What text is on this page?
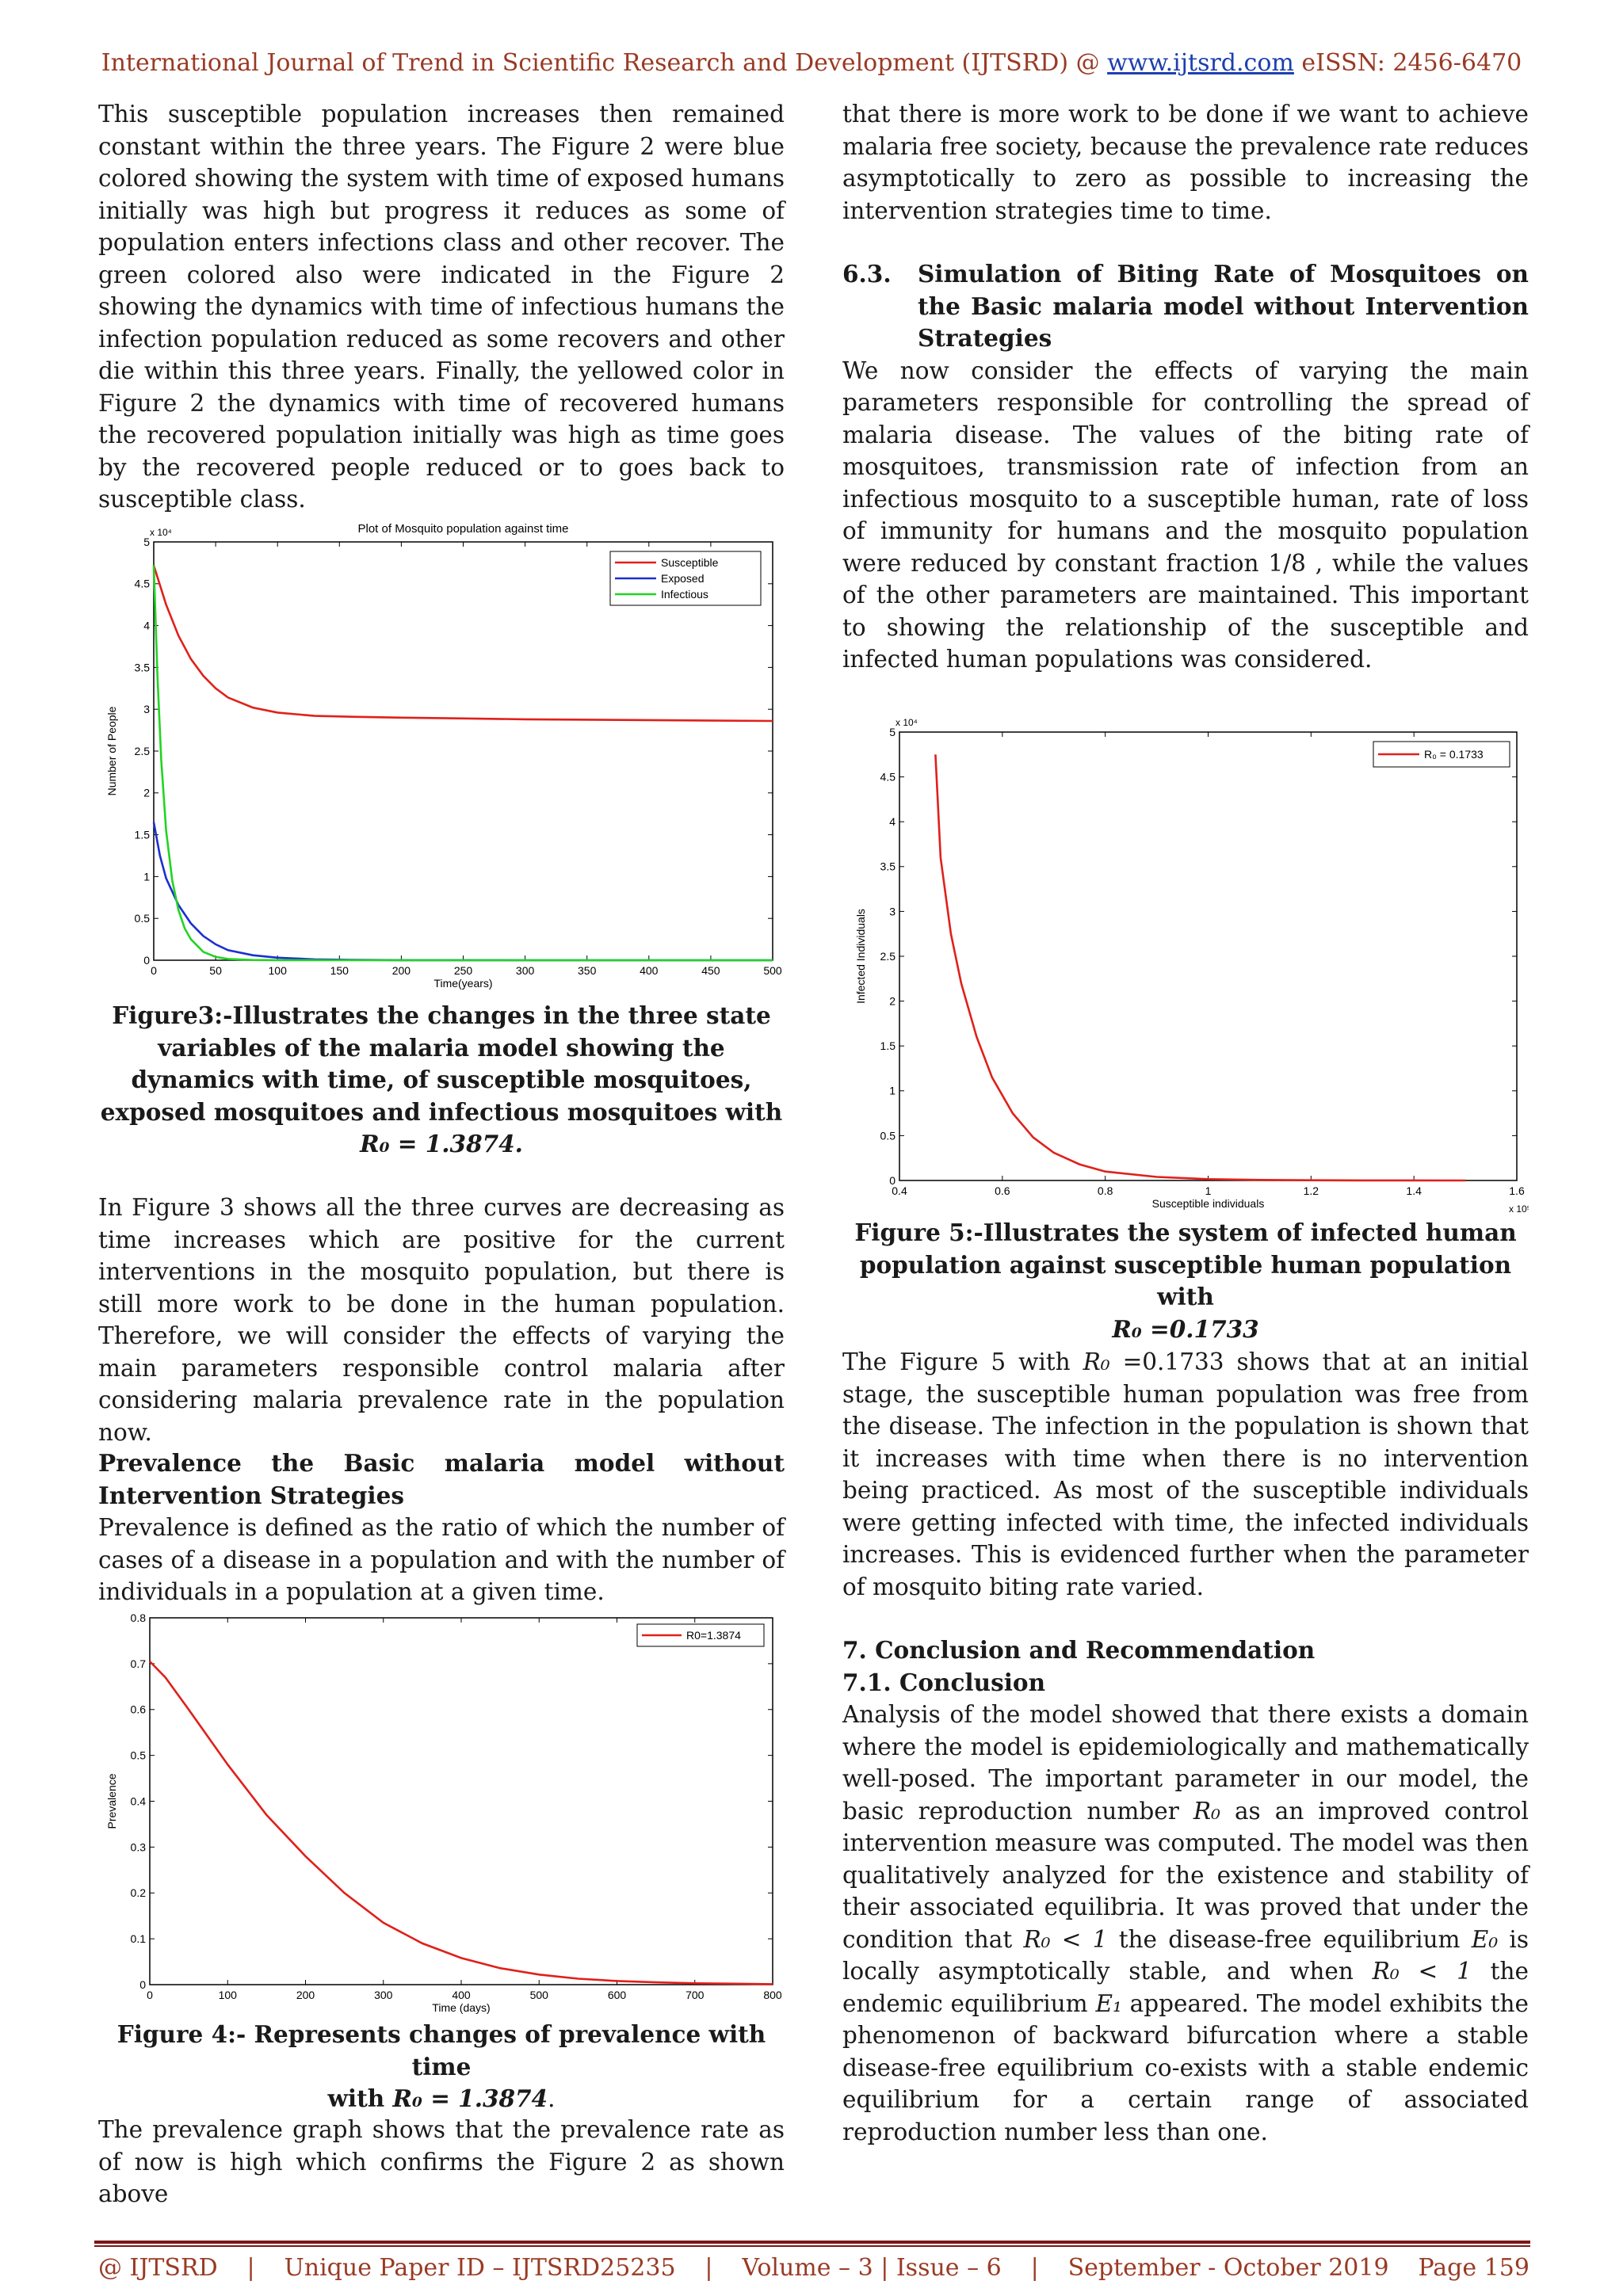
International Journal of Trend in Scientific Research and Development (IJTSRD) @ www.ijtsrd.com eISSN: 2456-6470

This susceptible population increases then remained constant within the three years. The Figure 2 were blue colored showing the system with time of exposed humans initially was high but progress it reduces as some of population enters infections class and other recover. The green colored also were indicated in the Figure 2 showing the dynamics with time of infectious humans the infection population reduced as some recovers and other die within this three years. Finally, the yellowed color in Figure 2 the dynamics with time of recovered humans the recovered population initially was high as time goes by the recovered people reduced or to goes back to susceptible class.

0	50	100	150	200	250	300	350	400	450	500
0
0.5
1
1.5
2
2.5
3
3.5
4
4.5
5
Plot of Mosquito population against time
Time(years)
Number of People
x 10⁴
Susceptible
Exposed
Infectious
Figure3:-Illustrates the changes in the three state variables of the malaria model showing the dynamics with time, of susceptible mosquitoes, exposed mosquitoes and infectious mosquitoes with
R₀ = 1.3874.

In Figure 3 shows all the three curves are decreasing as time increases which are positive for the current interventions in the mosquito population, but there is still more work to be done in the human population. Therefore, we will consider the effects of varying the main parameters responsible control malaria after considering malaria prevalence rate in the population now.

Prevalence the Basic malaria model without Intervention Strategies

Prevalence is defined as the ratio of which the number of cases of a disease in a population and with the number of individuals in a population at a given time.

0	100	200	300	400	500	600	700	800
0
0.1
0.2
0.3
0.4
0.5
0.6
0.7
0.8
Time (days)
Prevalence
R0=1.3874
Figure 4:- Represents changes of prevalence with time
with R₀ = 1.3874.

The prevalence graph shows that the prevalence rate as of now is high which confirms the Figure 2 as shown above

that there is more work to be done if we want to achieve malaria free society, because the prevalence rate reduces asymptotically to zero as possible to increasing the intervention strategies time to time.

6.3.	Simulation of Biting Rate of Mosquitoes on the Basic malaria model without Intervention Strategies

We now consider the effects of varying the main parameters responsible for controlling the spread of malaria disease. The values of the biting rate of mosquitoes, transmission rate of infection from an infectious mosquito to a susceptible human, rate of loss of immunity for humans and the mosquito population were reduced by constant fraction 1/8 , while the values of the other parameters are maintained. This important to showing the relationship of the susceptible and infected human populations was considered.

0.4	0.6	0.8	1	1.2	1.4	1.6
0
0.5
1
1.5
2
2.5
3
3.5
4
4.5
5
Susceptible individuals
Infected Individuals
x 10⁴
x 10⁵
R₀ = 0.1733
Figure 5:-Illustrates the system of infected human population against susceptible human population with
R₀ =0.1733

The Figure 5 with R₀ =0.1733 shows that at an initial stage, the susceptible human population was free from the disease. The infection in the population is shown that it increases with time when there is no intervention being practiced. As most of the susceptible individuals were getting infected with time, the infected individuals increases. This is evidenced further when the parameter of mosquito biting rate varied.

7. Conclusion and Recommendation

7.1. Conclusion

Analysis of the model showed that there exists a domain where the model is epidemiologically and mathematically well-posed. The important parameter in our model, the basic reproduction number R₀ as an improved control intervention measure was computed. The model was then qualitatively analyzed for the existence and stability of their associated equilibria. It was proved that under the condition that R₀ < 1 the disease-free equilibrium E₀ is locally asymptotically stable, and when R₀ < 1 the endemic equilibrium E₁ appeared. The model exhibits the phenomenon of backward bifurcation where a stable disease-free equilibrium co-exists with a stable endemic equilibrium for a certain range of associated reproduction number less than one.

@ IJTSRD | Unique Paper ID – IJTSRD25235 | Volume – 3 | Issue – 6 | September - October 2019 Page 159
